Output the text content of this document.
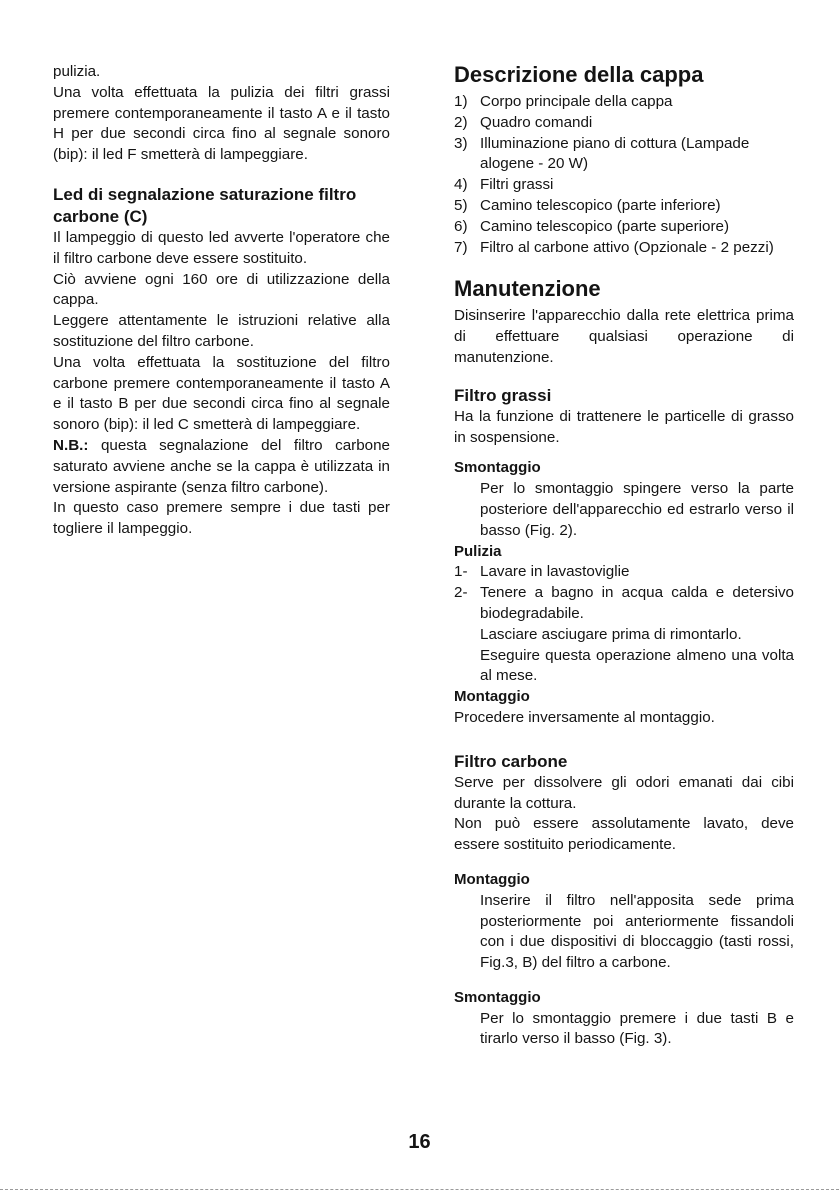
pulizia.

Una volta effettuata la pulizia dei filtri grassi premere contemporaneamente il tasto A e il tasto H per due secondi circa fino al segnale sonoro (bip): il led F smetterà di lampeggiare.

Led di segnalazione saturazione filtro carbone (C)

Il lampeggio di questo led avverte l'operatore che il filtro carbone deve essere sostituito.

Ciò avviene ogni 160 ore di utilizzazione della cappa.

Leggere attentamente le istruzioni relative alla sostituzione del filtro carbone.

Una volta effettuata la sostituzione del filtro carbone premere contemporaneamente il tasto A e il tasto B per due secondi circa fino al segnale sonoro (bip): il led C smetterà di lampeggiare.

N.B.: questa segnalazione del filtro carbone saturato avviene anche se la cappa è utilizzata in versione aspirante (senza filtro carbone).

In questo caso premere sempre i due tasti per togliere il lampeggio.

Descrizione della cappa

1) Corpo principale della cappa
2) Quadro comandi
3) Illuminazione piano di cottura (Lampade alogene - 20 W)
4) Filtri grassi
5) Camino telescopico (parte inferiore)
6) Camino telescopico (parte superiore)
7) Filtro al carbone attivo (Opzionale - 2 pezzi)

Manutenzione

Disinserire l'apparecchio dalla rete elettrica prima di effettuare qualsiasi operazione di manutenzione.

Filtro grassi

Ha la funzione di trattenere le particelle di grasso in sospensione.

Smontaggio

Per lo smontaggio spingere verso la parte posteriore dell'apparecchio ed estrarlo verso il basso (Fig. 2).

Pulizia

1- Lavare in lavastoviglie
2- Tenere a bagno in acqua calda e detersivo biodegradabile.

Lasciare asciugare prima di rimontarlo.

Eseguire questa operazione almeno una volta al mese.

Montaggio

Procedere inversamente al montaggio.

Filtro carbone

Serve per dissolvere gli odori emanati dai cibi durante la cottura.

Non può essere assolutamente lavato, deve essere sostituito periodicamente.

Montaggio

Inserire il filtro nell'apposita sede prima posteriormente poi anteriormente fissandoli con i due dispositivi di bloccaggio (tasti rossi, Fig.3, B) del filtro a carbone.

Smontaggio

Per lo smontaggio premere i due tasti B e tirarlo verso il basso (Fig. 3).

16
